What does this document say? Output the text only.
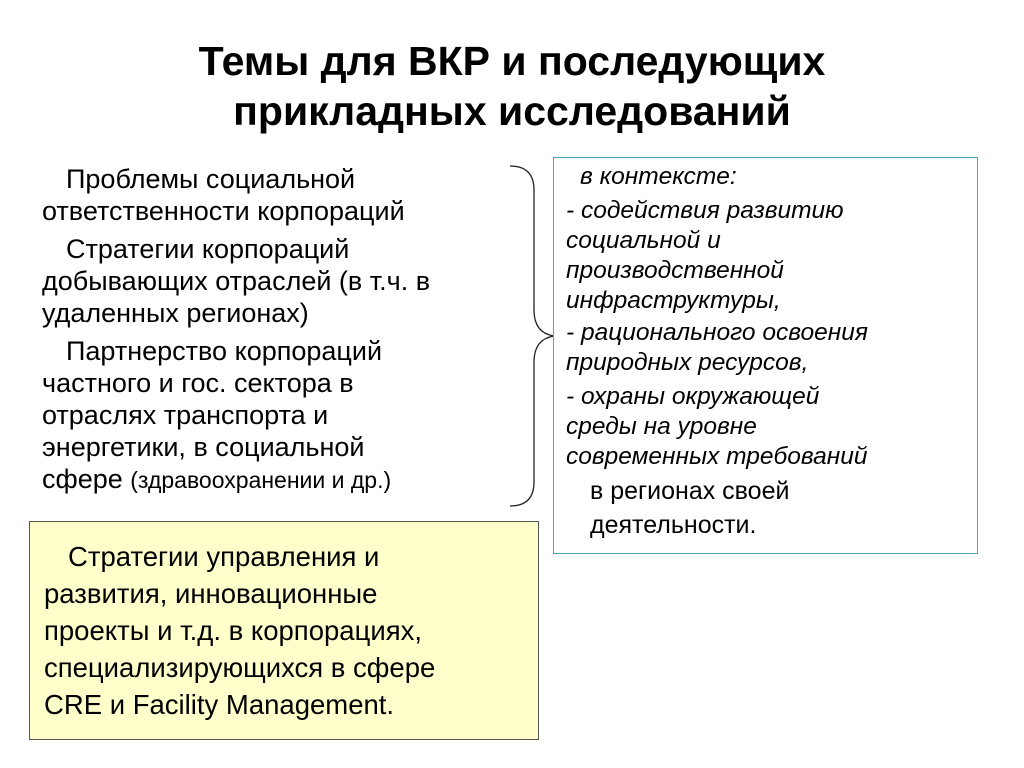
Темы для ВКР и последующих
прикладных исследований
Проблемы социальной
ответственности корпораций
Стратегии корпораций
добывающих отраслей (в т.ч. в
удаленных регионах)
Партнерство корпораций
частного и гос. сектора в
отраслях транспорта и
энергетики, в социальной
сфере (здравоохранении и др.)
в контексте:
- содействия развитию
социальной и
производственной
инфраструктуры,
- рационального освоения
природных ресурсов,
- охраны окружающей
среды на уровне
современных требований
в регионах своей
деятельности.
Стратегии управления и
развития, инновационные
проекты и т.д. в корпорациях,
специализирующихся в сфере
CRE и Facility Management.
